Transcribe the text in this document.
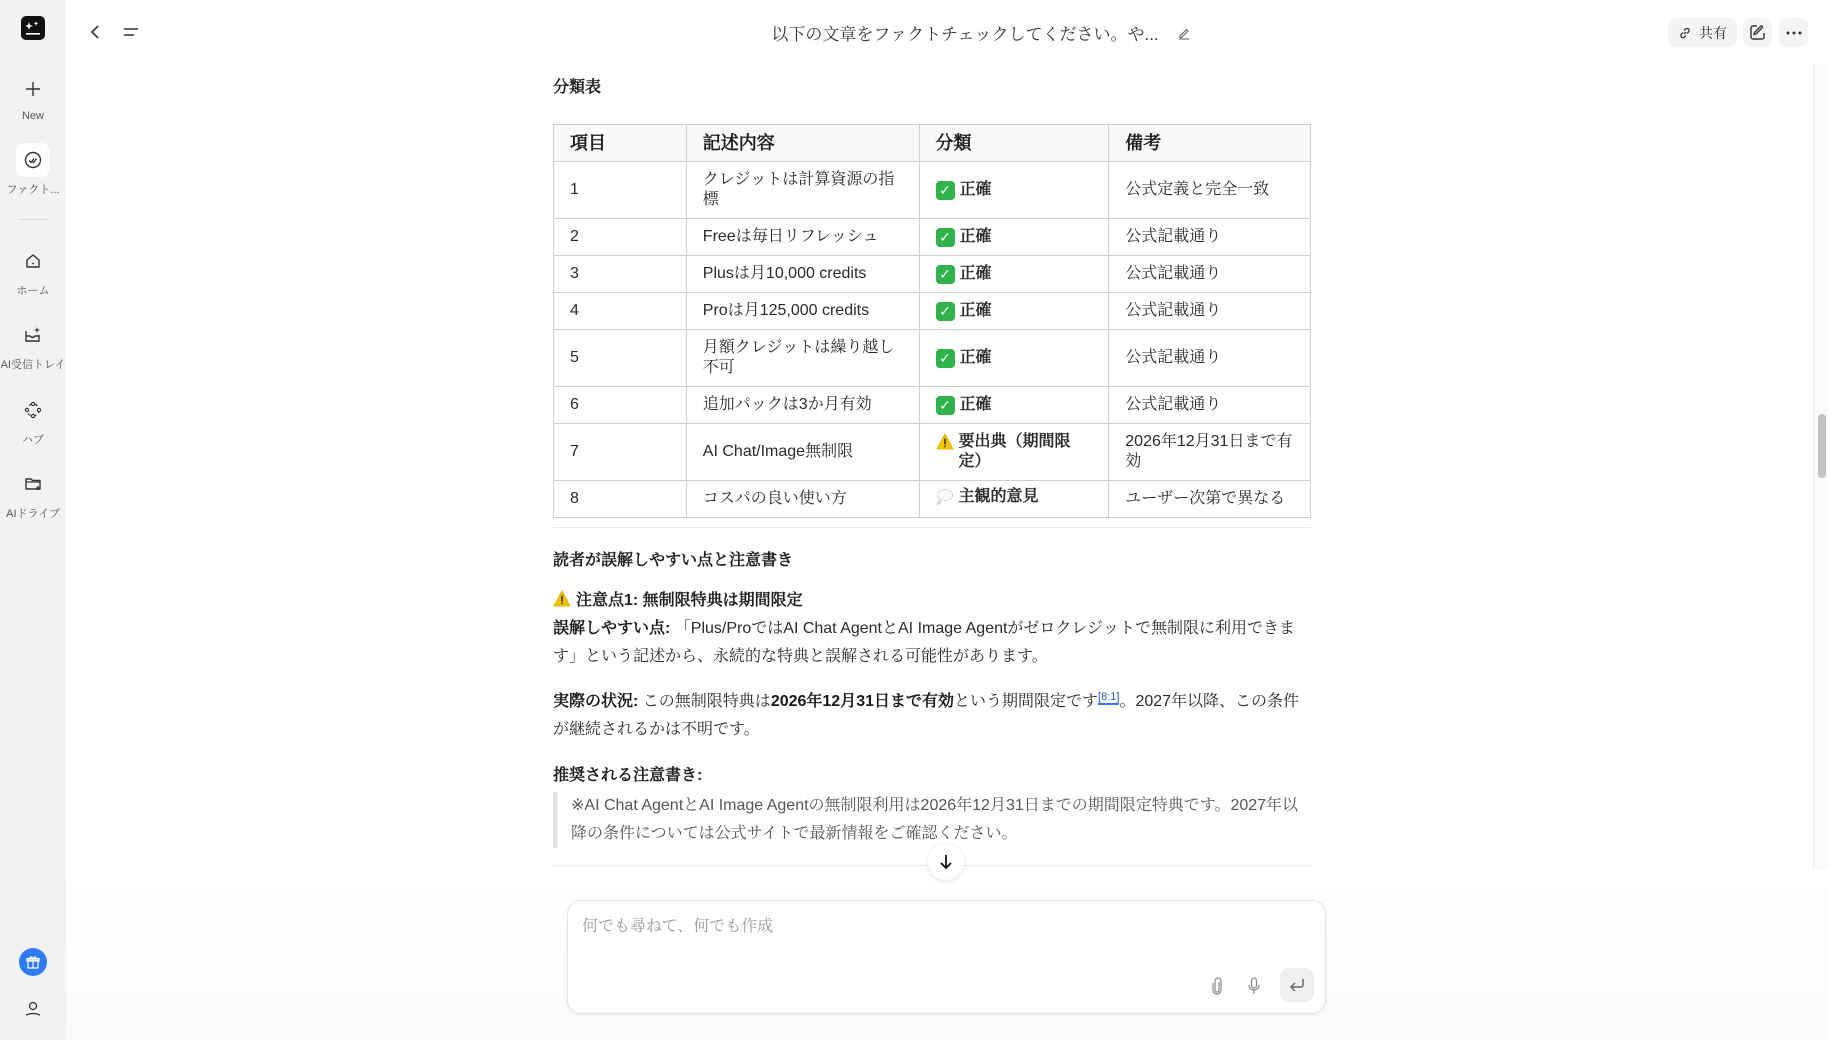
New
ファクト...
ホーム
AI受信トレイ
ハブ
AIドライブ
以下の文章をファクトチェックしてください。や...	共有
分類表
項目	記述内容	分類	備考
1	クレジットは計算資源の指標	✓ 正確	公式定義と完全一致
2	Freeは毎日リフレッシュ	✓ 正確	公式記載通り
3	Plusは月10,000 credits	✓ 正確	公式記載通り
4	Proは月125,000 credits	✓ 正確	公式記載通り
5	月額クレジットは繰り越し不可	✓ 正確	公式記載通り
6	追加パックは3か月有効	✓ 正確	公式記載通り
7	AI Chat/Image無制限	要出典（期間限定）	2026年12月31日まで有効
8	コスパの良い使い方	主観的意見	ユーザー次第で異なる
読者が誤解しやすい点と注意書き
注意点1: 無制限特典は期間限定

誤解しやすい点: 「Plus/ProではAI Chat AgentとAI Image Agentがゼロクレジットで無制限に利用できます」という記述から、永続的な特典と誤解される可能性があります。

実際の状況: この無制限特典は2026年12月31日まで有効という期間限定です[8:1]。2027年以降、この条件が継続されるかは不明です。

推奨される注意書き:
※AI Chat AgentとAI Image Agentの無制限利用は2026年12月31日までの期間限定特典です。2027年以降の条件については公式サイトで最新情報をご確認ください。
何でも尋ねて、何でも作成
